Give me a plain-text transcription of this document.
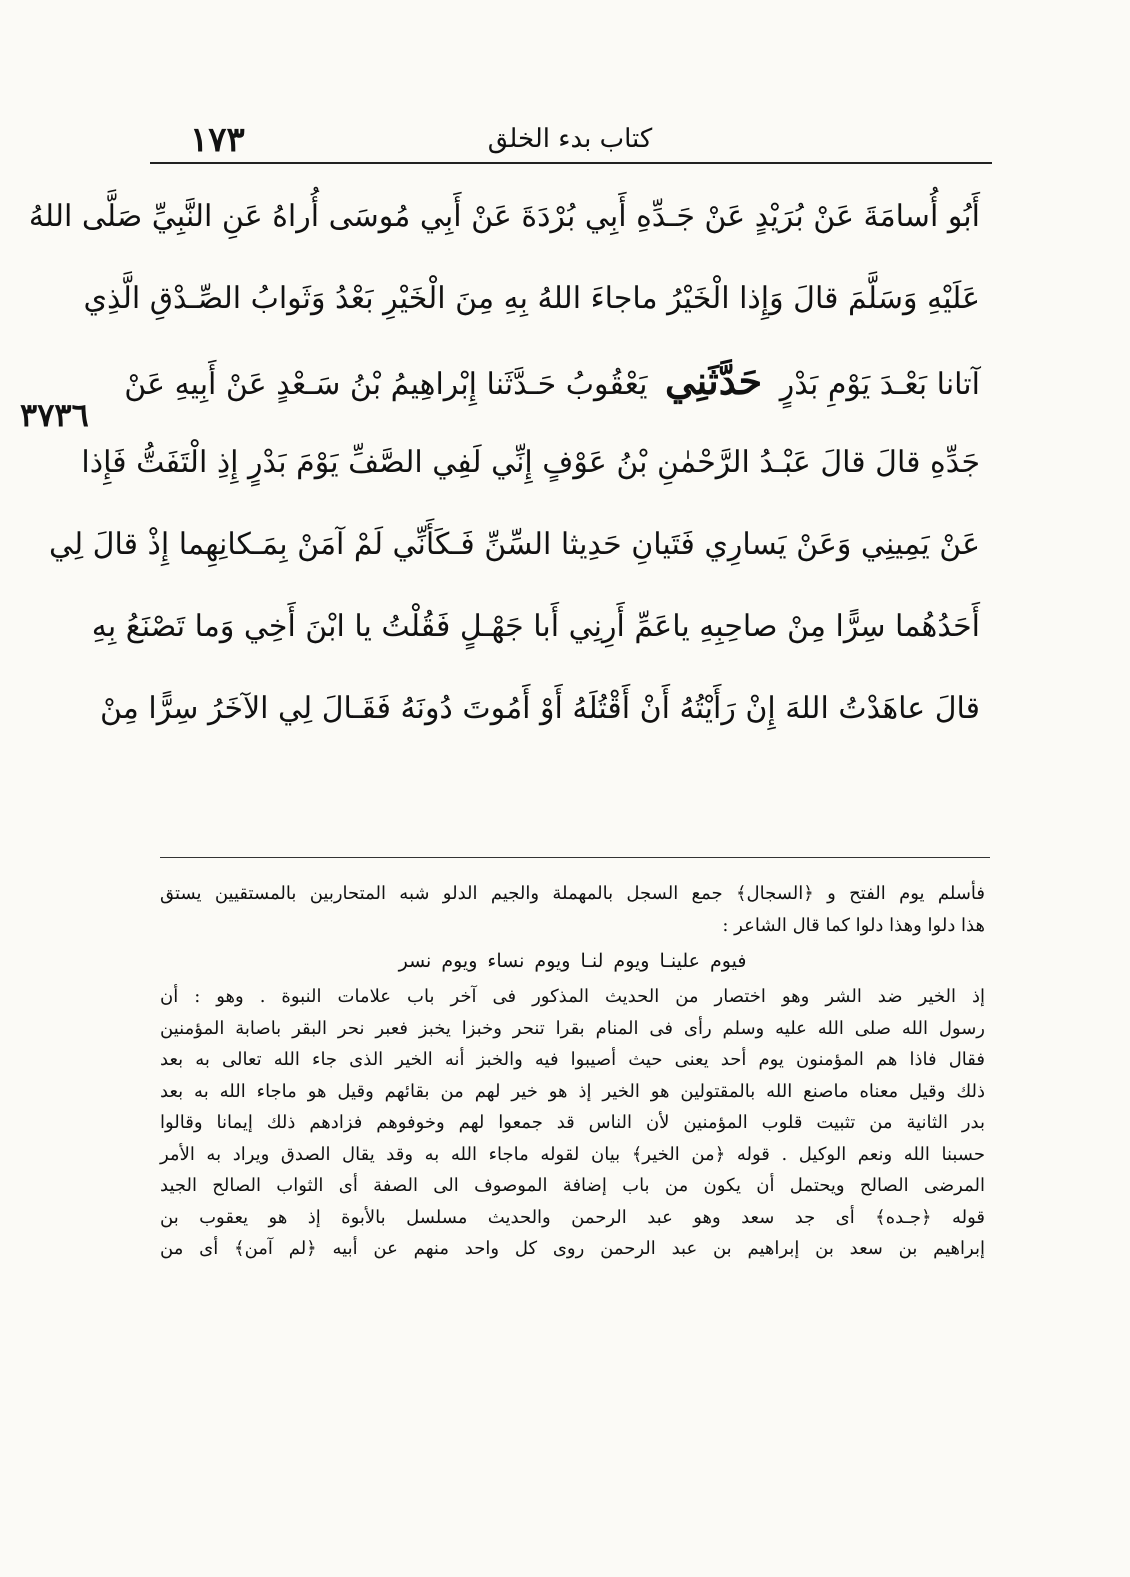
كتاب بدء الخلق
١٧٣
٣٧٣٦
أَبُو أُسامَةَ عَنْ بُرَيْدٍ عَنْ جَـدِّهِ أَبِي بُرْدَةَ عَنْ أَبِي مُوسَى أُراهُ عَنِ النَّبِيِّ صَلَّى اللهُ
عَلَيْهِ وَسَلَّمَ قالَ وَإِذا الْخَيْرُ ماجاءَ اللهُ بِهِ مِنَ الْخَيْرِ بَعْدُ وَثَوابُ الصِّـدْقِ الَّذِي
آتانا بَعْـدَ يَوْمِ بَدْرٍ حَدَّثَنِي يَعْقُوبُ حَـدَّثَنا إِبْراهِيمُ بْنُ سَـعْدٍ عَنْ أَبِيهِ عَنْ
جَدِّهِ قالَ قالَ عَبْـدُ الرَّحْمٰنِ بْنُ عَوْفٍ إِنِّي لَفِي الصَّفِّ يَوْمَ بَدْرٍ إِذِ الْتَفَتُّ فَإِذا
عَنْ يَمِينِي وَعَنْ يَسارِي فَتَيانِ حَدِيثا السِّنِّ فَـكَأَنِّي لَمْ آمَنْ بِمَـكانِهِما إِذْ قالَ لِي
أَحَدُهُما سِرًّا مِنْ صاحِبِهِ ياعَمِّ أَرِنِي أَبا جَهْـلٍ فَقُلْتُ يا ابْنَ أَخِي وَما تَصْنَعُ بِهِ
قالَ عاهَدْتُ اللهَ إِنْ رَأَيْتُهُ أَنْ أَقْتُلَهُ أَوْ أَمُوتَ دُونَهُ فَقَـالَ لِي الآخَرُ سِرًّا مِنْ
فأسلم يوم الفتح و ﴿السجال﴾ جمع السجل بالمهملة والجيم الدلو شبه المتحاربين بالمستقيين يستق
هذا دلوا وهذا دلوا كما قال الشاعر :
فيوم علينـا ويوم لنـا ويوم نساء ويوم نسر
إذ الخير ضد الشر وهو اختصار من الحديث المذكور فى آخر باب علامات النبوة . وهو : أن
رسول الله صلى الله عليه وسلم رأى فى المنام بقرا تنحر وخبزا يخبز فعبر نحر البقر باصابة المؤمنين
فقال فاذا هم المؤمنون يوم أحد يعنى حيث أصيبوا فيه والخبز أنه الخير الذى جاء الله تعالى به بعد
ذلك وقيل معناه ماصنع الله بالمقتولين هو الخير إذ هو خير لهم من بقائهم وقيل هو ماجاء الله به بعد
بدر الثانية من تثبيت قلوب المؤمنين لأن الناس قد جمعوا لهم وخوفوهم فزادهم ذلك إيمانا وقالوا
حسبنا الله ونعم الوكيل . قوله ﴿من الخير﴾ بيان لقوله ماجاء الله به وقد يقال الصدق ويراد به الأمر
المرضى الصالح ويحتمل أن يكون من باب إضافة الموصوف الى الصفة أى الثواب الصالح الجيد
قوله ﴿جـده﴾ أى جد سعد وهو عبد الرحمن والحديث مسلسل بالأبوة إذ هو يعقوب بن
إبراهيم بن سعد بن إبراهيم بن عبد الرحمن روى كل واحد منهم عن أبيه ﴿لم آمن﴾ أى من
